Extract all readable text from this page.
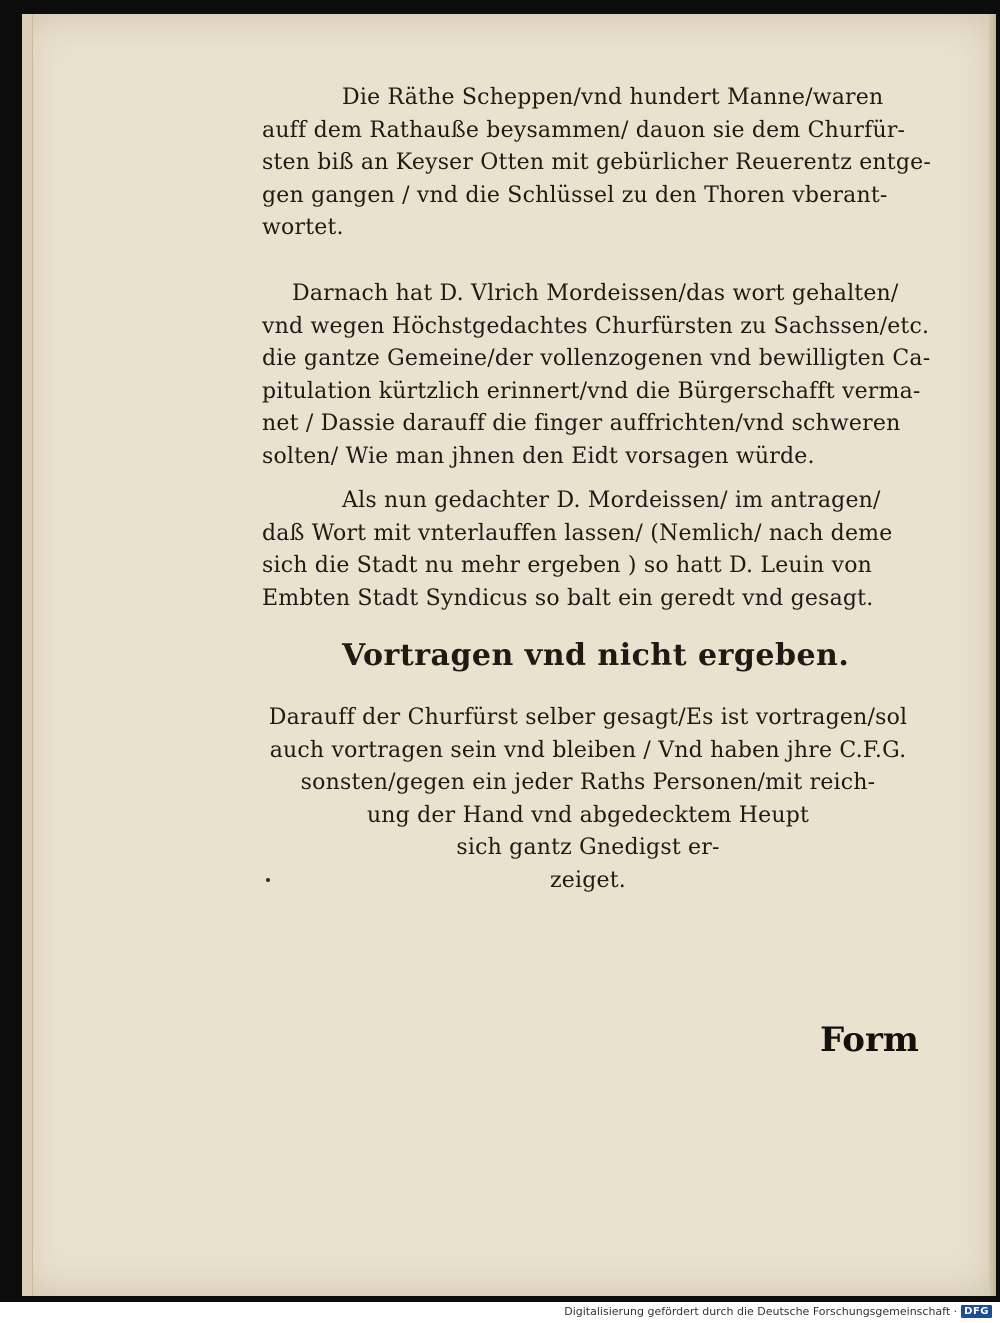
Die Räthe Scheppen/vnd hundert Manne/waren
auff dem Rathauße beysammen/ dauon sie dem Churfür-
sten biß an Keyser Otten mit gebürlicher Reuerentz entge-
gen gangen / vnd die Schlüssel zu den Thoren vberant-
wortet.

Darnach hat D. Vlrich Mordeissen/das wort gehalten/
vnd wegen Höchstgedachtes Churfürsten zu Sachssen/etc.
die gantze Gemeine/der vollenzogenen vnd bewilligten Ca-
pitulation kürtzlich erinnert/vnd die Bürgerschafft verma-
net / Dassie darauff die finger auffrichten/vnd schweren
solten/ Wie man jhnen den Eidt vorsagen würde.

Als nun gedachter D. Mordeissen/ im antragen/
daß Wort mit vnterlauffen lassen/ (Nemlich/ nach deme
sich die Stadt nu mehr ergeben ) so hatt D. Leuin von
Embten Stadt Syndicus so balt ein geredt vnd gesagt.

Vortragen vnd nicht ergeben.

Darauff der Churfürst selber gesagt/Es ist vortragen/sol
auch vortragen sein vnd bleiben / Vnd haben jhre C.F.G.
sonsten/gegen ein jeder Raths Personen/mit reich-
ung der Hand vnd abgedecktem Heupt
sich gantz Gnedigst er-
zeiget.

Form
Digitalisierung gefördert durch die Deutsche Forschungsgemeinschaft · DFG
